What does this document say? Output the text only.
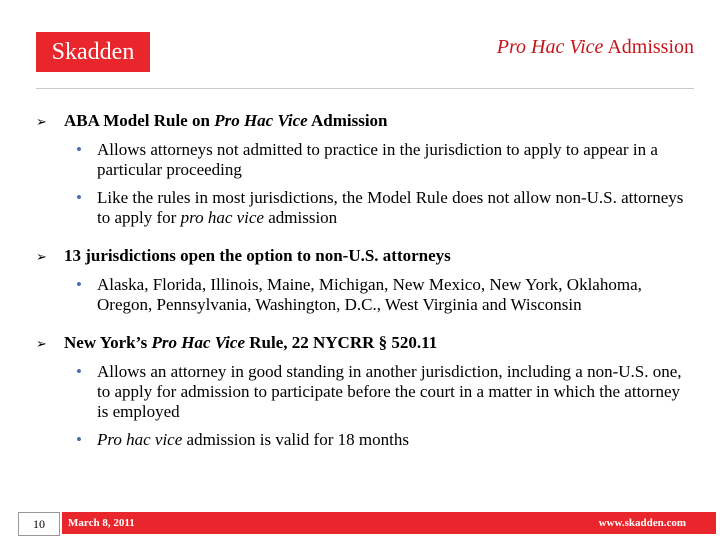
Skadden	Pro Hac Vice Admission
➢ ABA Model Rule on Pro Hac Vice Admission
• Allows attorneys not admitted to practice in the jurisdiction to apply to appear in a particular proceeding
• Like the rules in most jurisdictions, the Model Rule does not allow non-U.S. attorneys to apply for pro hac vice admission
➢ 13 jurisdictions open the option to non-U.S. attorneys
• Alaska, Florida, Illinois, Maine, Michigan, New Mexico, New York, Oklahoma, Oregon, Pennsylvania, Washington, D.C., West Virginia and Wisconsin
➢ New York’s Pro Hac Vice Rule, 22 NYCRR § 520.11
• Allows an attorney in good standing in another jurisdiction, including a non-U.S. one, to apply for admission to participate before the court in a matter in which the attorney is employed
• Pro hac vice admission is valid for 18 months
10	March 8, 2011	www.skadden.com
